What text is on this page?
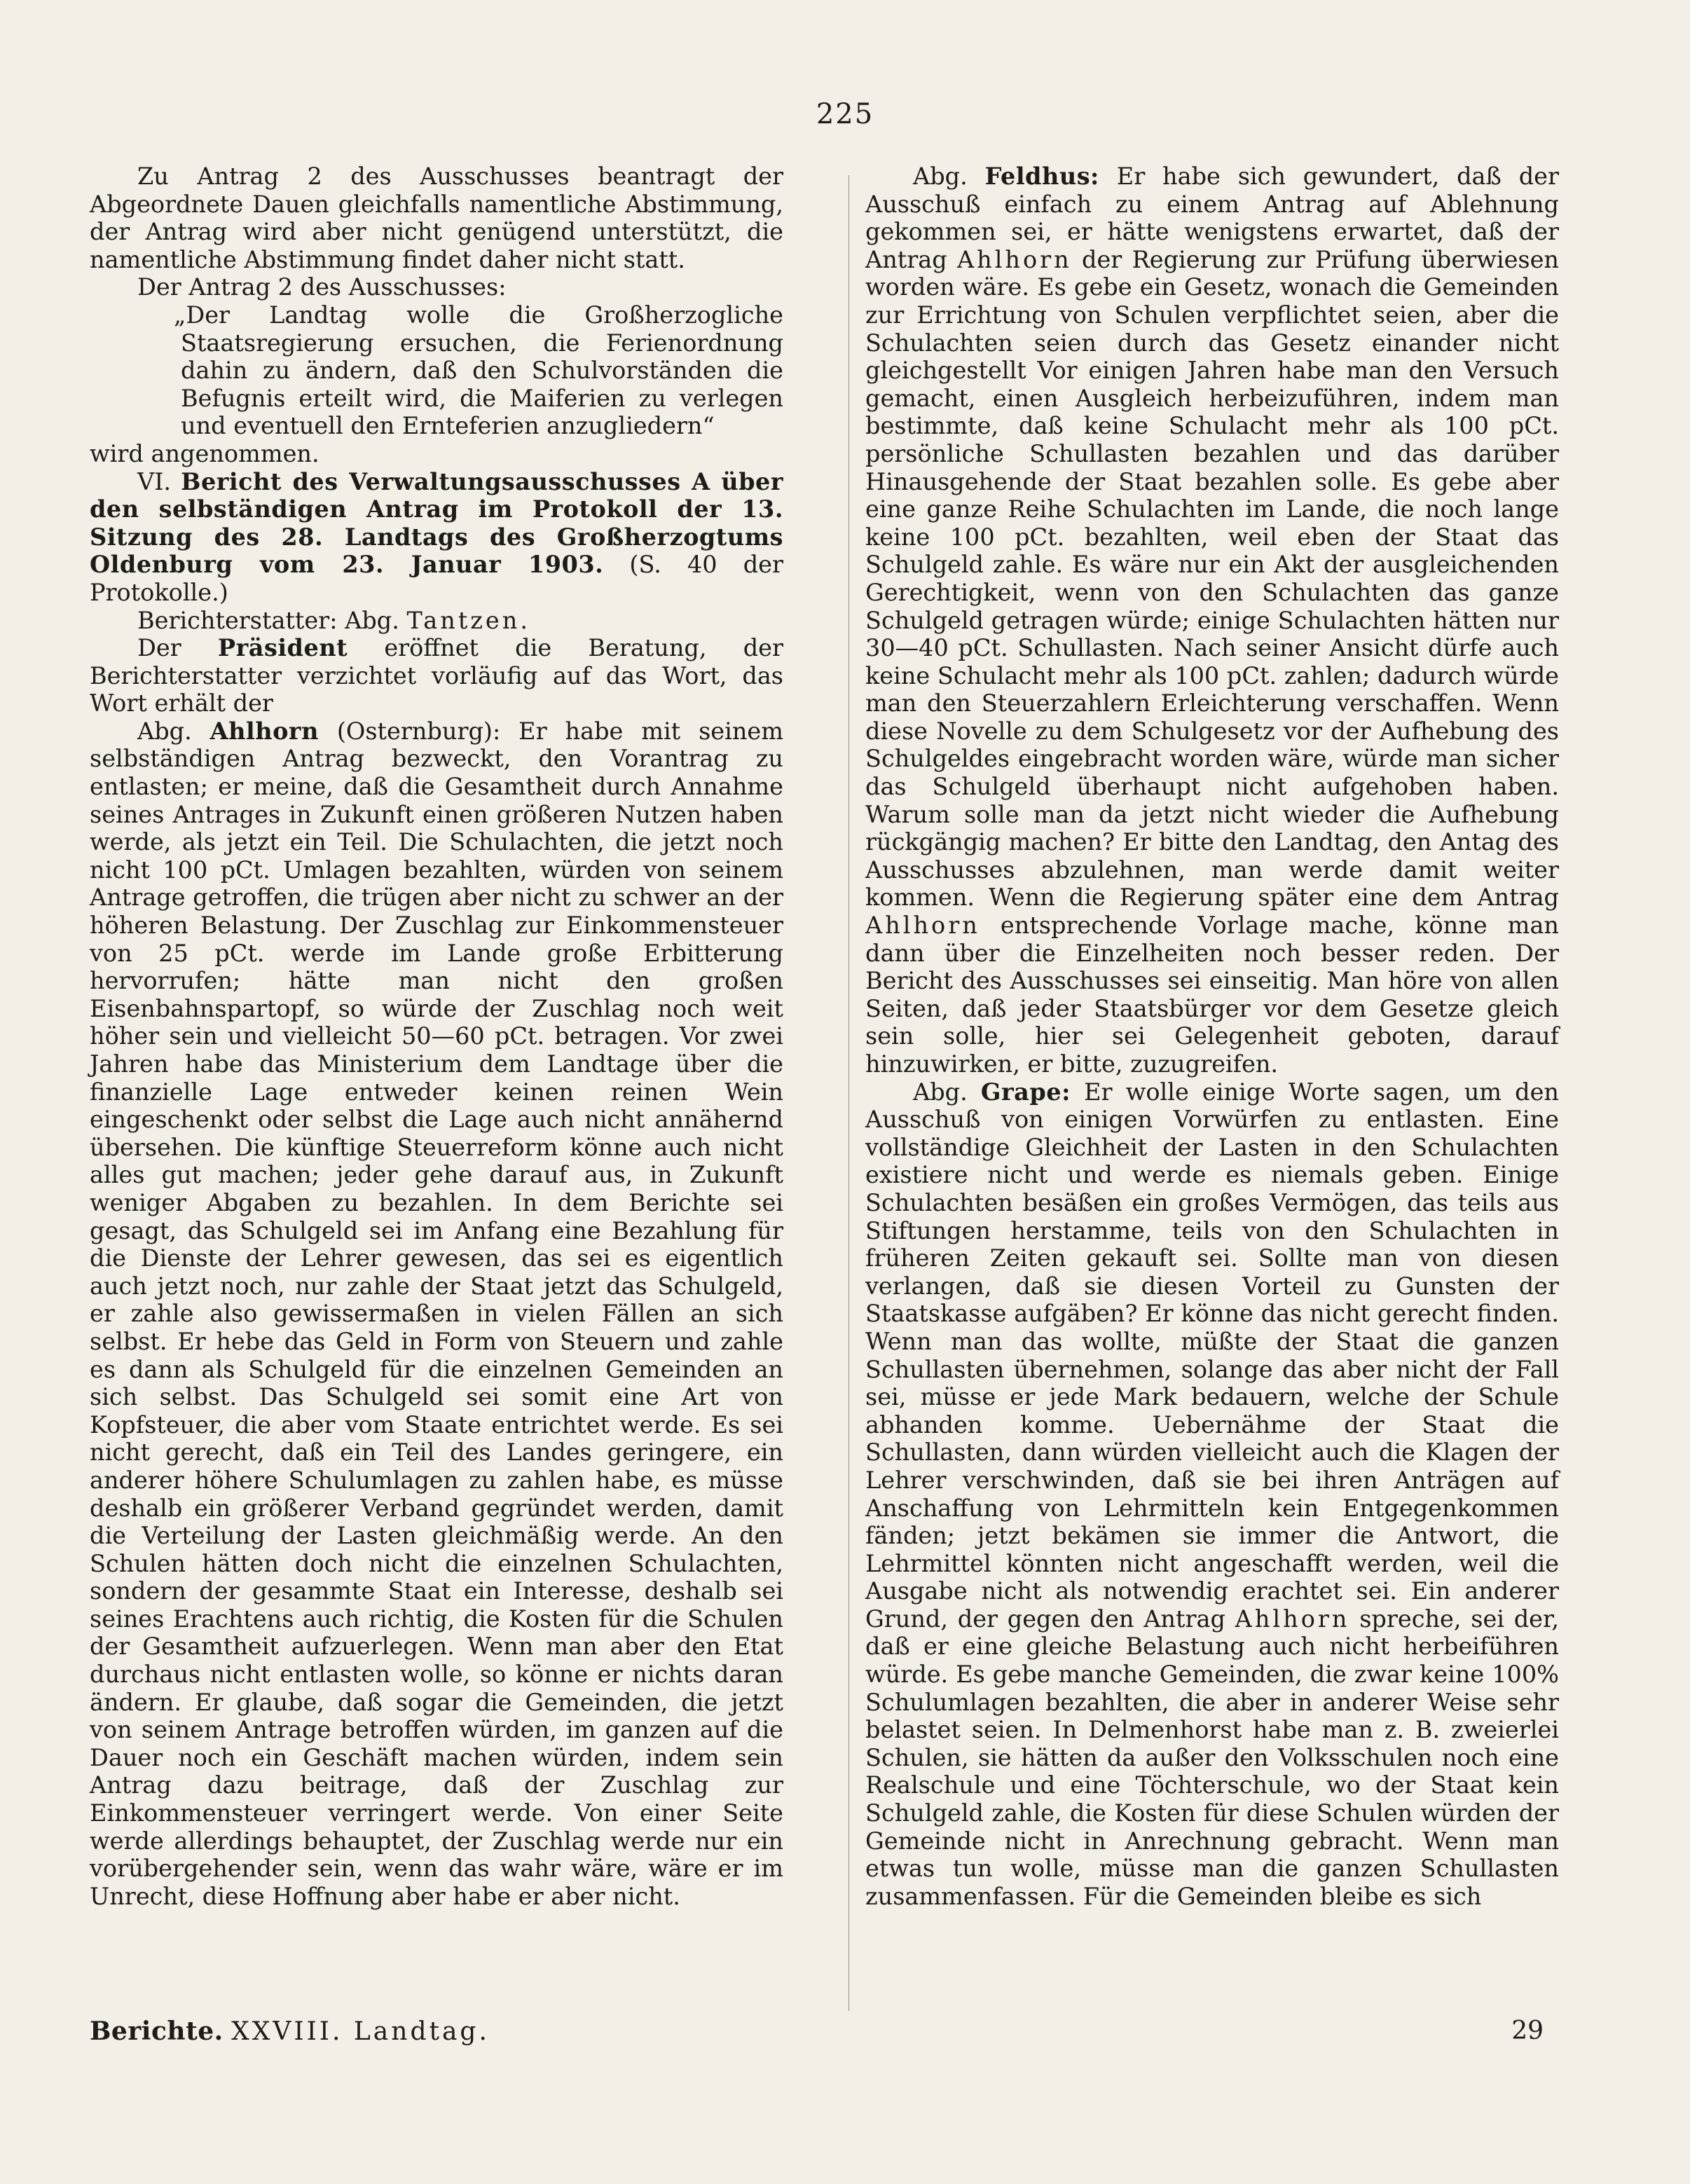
225

Zu Antrag 2 des Ausschusses beantragt der Abgeordnete Dauen gleichfalls namentliche Abstimmung, der Antrag wird aber nicht genügend unterstützt, die namentliche Abstimmung findet daher nicht statt.

Der Antrag 2 des Ausschusses:

„Der Landtag wolle die Großherzogliche Staatsregierung ersuchen, die Ferienordnung dahin zu ändern, daß den Schulvorständen die Befugnis erteilt wird, die Maiferien zu verlegen und eventuell den Ernteferien anzugliedern“

wird angenommen.

VI. Bericht des Verwaltungsausschusses A über den selbständigen Antrag im Protokoll der 13. Sitzung des 28. Landtags des Großherzogtums Oldenburg vom 23. Januar 1903. (S. 40 der Protokolle.)

Berichterstatter: Abg. Tantzen.

Der Präsident eröffnet die Beratung, der Berichterstatter verzichtet vorläufig auf das Wort, das Wort erhält der

Abg. Ahlhorn (Osternburg): Er habe mit seinem selbständigen Antrag bezweckt, den Vorantrag zu entlasten; er meine, daß die Gesamtheit durch Annahme seines Antrages in Zukunft einen größeren Nutzen haben werde, als jetzt ein Teil. Die Schulachten, die jetzt noch nicht 100 pCt. Umlagen bezahlten, würden von seinem Antrage getroffen, die trügen aber nicht zu schwer an der höheren Belastung. Der Zuschlag zur Einkommensteuer von 25 pCt. werde im Lande große Erbitterung hervorrufen; hätte man nicht den großen Eisenbahnspartopf, so würde der Zuschlag noch weit höher sein und vielleicht 50—60 pCt. betragen. Vor zwei Jahren habe das Ministerium dem Landtage über die finanzielle Lage entweder keinen reinen Wein eingeschenkt oder selbst die Lage auch nicht annähernd übersehen. Die künftige Steuerreform könne auch nicht alles gut machen; jeder gehe darauf aus, in Zukunft weniger Abgaben zu bezahlen. In dem Berichte sei gesagt, das Schulgeld sei im Anfang eine Bezahlung für die Dienste der Lehrer gewesen, das sei es eigentlich auch jetzt noch, nur zahle der Staat jetzt das Schulgeld, er zahle also gewissermaßen in vielen Fällen an sich selbst. Er hebe das Geld in Form von Steuern und zahle es dann als Schulgeld für die einzelnen Gemeinden an sich selbst. Das Schulgeld sei somit eine Art von Kopfsteuer, die aber vom Staate entrichtet werde. Es sei nicht gerecht, daß ein Teil des Landes geringere, ein anderer höhere Schulumlagen zu zahlen habe, es müsse deshalb ein größerer Verband gegründet werden, damit die Verteilung der Lasten gleichmäßig werde. An den Schulen hätten doch nicht die einzelnen Schulachten, sondern der gesammte Staat ein Interesse, deshalb sei seines Erachtens auch richtig, die Kosten für die Schulen der Gesamtheit aufzuerlegen. Wenn man aber den Etat durchaus nicht entlasten wolle, so könne er nichts daran ändern. Er glaube, daß sogar die Gemeinden, die jetzt von seinem Antrage betroffen würden, im ganzen auf die Dauer noch ein Geschäft machen würden, indem sein Antrag dazu beitrage, daß der Zuschlag zur Einkommensteuer verringert werde. Von einer Seite werde allerdings behauptet, der Zuschlag werde nur ein vorübergehender sein, wenn das wahr wäre, wäre er im Unrecht, diese Hoffnung aber habe er aber nicht.

Abg. Feldhus: Er habe sich gewundert, daß der Ausschuß einfach zu einem Antrag auf Ablehnung gekommen sei, er hätte wenigstens erwartet, daß der Antrag Ahlhorn der Regierung zur Prüfung überwiesen worden wäre. Es gebe ein Gesetz, wonach die Gemeinden zur Errichtung von Schulen verpflichtet seien, aber die Schulachten seien durch das Gesetz einander nicht gleichgestellt Vor einigen Jahren habe man den Versuch gemacht, einen Ausgleich herbeizuführen, indem man bestimmte, daß keine Schulacht mehr als 100 pCt. persönliche Schullasten bezahlen und das darüber Hinausgehende der Staat bezahlen solle. Es gebe aber eine ganze Reihe Schulachten im Lande, die noch lange keine 100 pCt. bezahlten, weil eben der Staat das Schulgeld zahle. Es wäre nur ein Akt der ausgleichenden Gerechtigkeit, wenn von den Schulachten das ganze Schulgeld getragen würde; einige Schulachten hätten nur 30—40 pCt. Schullasten. Nach seiner Ansicht dürfe auch keine Schulacht mehr als 100 pCt. zahlen; dadurch würde man den Steuerzahlern Erleichterung verschaffen. Wenn diese Novelle zu dem Schulgesetz vor der Aufhebung des Schulgeldes eingebracht worden wäre, würde man sicher das Schulgeld überhaupt nicht aufgehoben haben. Warum solle man da jetzt nicht wieder die Aufhebung rückgängig machen? Er bitte den Landtag, den Antag des Ausschusses abzulehnen, man werde damit weiter kommen. Wenn die Regierung später eine dem Antrag Ahlhorn entsprechende Vorlage mache, könne man dann über die Einzelheiten noch besser reden. Der Bericht des Ausschusses sei einseitig. Man höre von allen Seiten, daß jeder Staatsbürger vor dem Gesetze gleich sein solle, hier sei Gelegenheit geboten, darauf hinzuwirken, er bitte, zuzugreifen.

Abg. Grape: Er wolle einige Worte sagen, um den Ausschuß von einigen Vorwürfen zu entlasten. Eine vollständige Gleichheit der Lasten in den Schulachten existiere nicht und werde es niemals geben. Einige Schulachten besäßen ein großes Vermögen, das teils aus Stiftungen herstamme, teils von den Schulachten in früheren Zeiten gekauft sei. Sollte man von diesen verlangen, daß sie diesen Vorteil zu Gunsten der Staatskasse aufgäben? Er könne das nicht gerecht finden. Wenn man das wollte, müßte der Staat die ganzen Schullasten übernehmen, solange das aber nicht der Fall sei, müsse er jede Mark bedauern, welche der Schule abhanden komme. Uebernähme der Staat die Schullasten, dann würden vielleicht auch die Klagen der Lehrer verschwinden, daß sie bei ihren Anträgen auf Anschaffung von Lehrmitteln kein Entgegenkommen fänden; jetzt bekämen sie immer die Antwort, die Lehrmittel könnten nicht angeschafft werden, weil die Ausgabe nicht als notwendig erachtet sei. Ein anderer Grund, der gegen den Antrag Ahlhorn spreche, sei der, daß er eine gleiche Belastung auch nicht herbeiführen würde. Es gebe manche Gemeinden, die zwar keine 100% Schulumlagen bezahlten, die aber in anderer Weise sehr belastet seien. In Delmenhorst habe man z. B. zweierlei Schulen, sie hätten da außer den Volksschulen noch eine Realschule und eine Töchterschule, wo der Staat kein Schulgeld zahle, die Kosten für diese Schulen würden der Gemeinde nicht in Anrechnung gebracht. Wenn man etwas tun wolle, müsse man die ganzen Schullasten zusammenfassen. Für die Gemeinden bleibe es sich

Berichte. XXVIII. Landtag.	29
